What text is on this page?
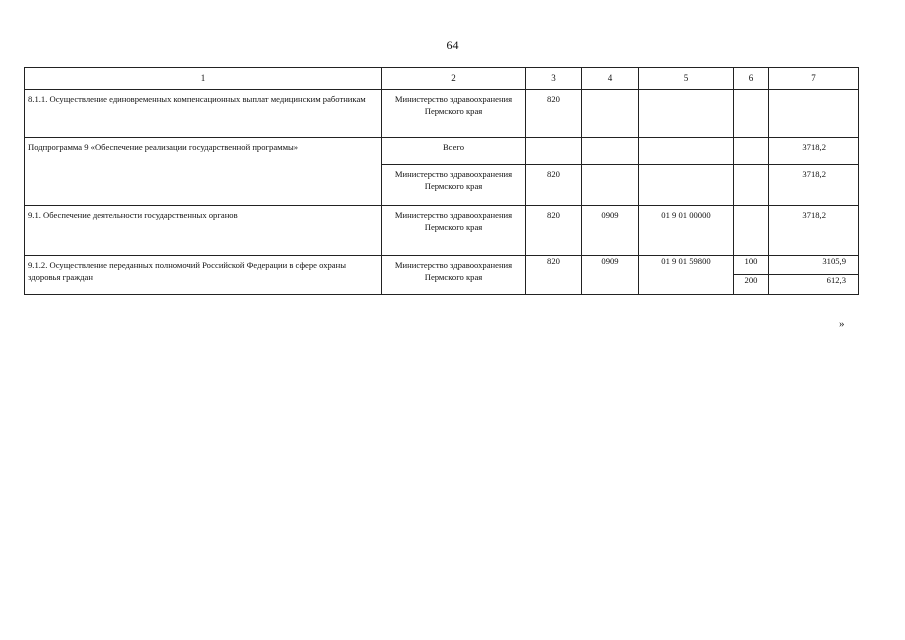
64
1	2	3	4	5	6	7
8.1.1. Осуществление единовременных компенсационных выплат медицинским работникам	Министерство здравоохранения Пермского края	820				
Подпрограмма 9 «Обеспечение реализации государственной программы»	Всего					3718,2
	Министерство здравоохранения Пермского края	820				3718,2
9.1. Обеспечение деятельности государственных органов	Министерство здравоохранения Пермского края	820	0909	01 9 01 00000		3718,2
9.1.2. Осуществление переданных полномочий Российской Федерации в сфере охраны здоровья граждан	Министерство здравоохранения Пермского края	820	0909	01 9 01 59800	100	3105,9
					200	612,3
»
